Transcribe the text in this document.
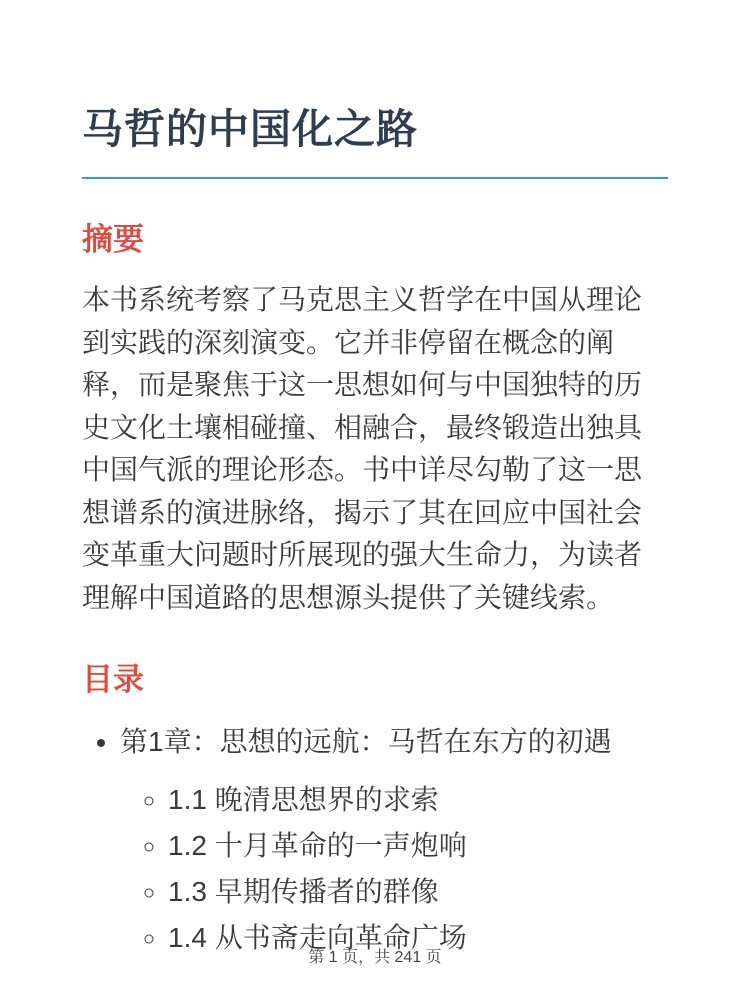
马哲的中国化之路
摘要

本书系统考察了马克思主义哲学在中国从理论到实践的深刻演变。它并非停留在概念的阐释，而是聚焦于这一思想如何与中国独特的历史文化土壤相碰撞、相融合，最终锻造出独具中国气派的理论形态。书中详尽勾勒了这一思想谱系的演进脉络，揭示了其在回应中国社会变革重大问题时所展现的强大生命力，为读者理解中国道路的思想源头提供了关键线索。

目录
• 第1章：思想的远航：马哲在东方的初遇
◦ 1.1 晚清思想界的求索
◦ 1.2 十月革命的一声炮响
◦ 1.3 早期传播者的群像
◦ 1.4 从书斋走向革命广场
第 1 页，共 241 页
